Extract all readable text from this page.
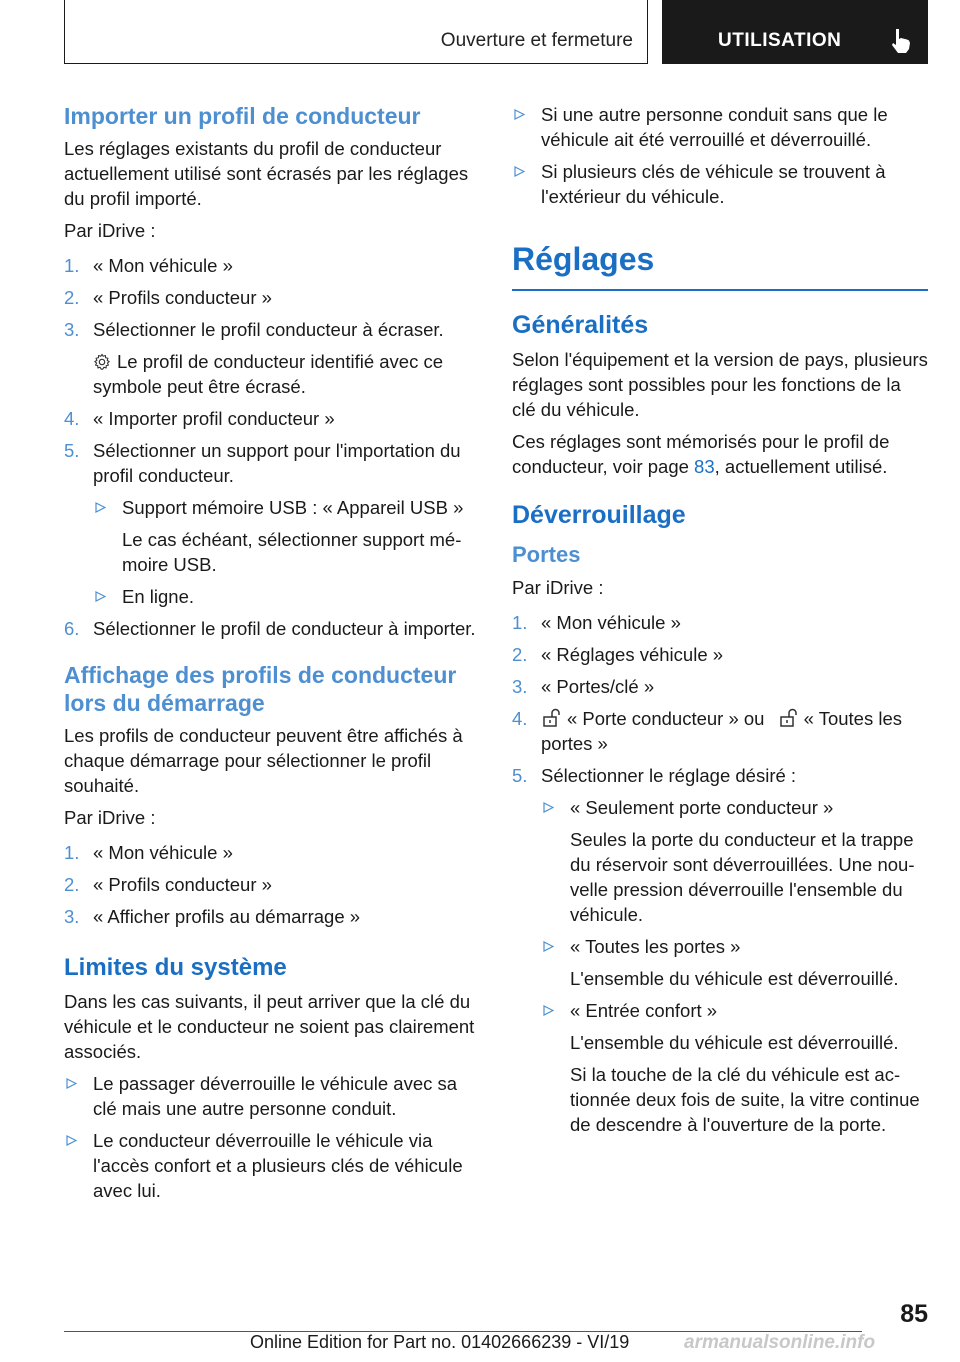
Ouverture et fermeture	UTILISATION
Importer un profil de conducteur

Les réglages existants du profil de conducteur actuellement utilisé sont écrasés par les réglages du profil importé.

Par iDrive :

1. « Mon véhicule »
2. « Profils conducteur »
3. Sélectionner le profil conducteur à écraser.
Le profil de conducteur identifié avec ce symbole peut être écrasé.
4. « Importer profil conducteur »
5. Sélectionner un support pour l'importation du profil conducteur.
Support mémoire USB : « Appareil USB »
Le cas échéant, sélectionner support mémoire USB.
En ligne.
6. Sélectionner le profil de conducteur à importer.
Affichage des profils de conducteur lors du démarrage

Les profils de conducteur peuvent être affichés à chaque démarrage pour sélectionner le profil souhaité.

Par iDrive :

1. « Mon véhicule »
2. « Profils conducteur »
3. « Afficher profils au démarrage »
Limites du système

Dans les cas suivants, il peut arriver que la clé du véhicule et le conducteur ne soient pas clairement associés.

Le passager déverrouille le véhicule avec sa clé mais une autre personne conduit.
Le conducteur déverrouille le véhicule via l'accès confort et a plusieurs clés de véhicule avec lui.
Si une autre personne conduit sans que le véhicule ait été verrouillé et déverrouillé.
Si plusieurs clés de véhicule se trouvent à l'extérieur du véhicule.
Réglages
Généralités

Selon l'équipement et la version de pays, plusieurs réglages sont possibles pour les fonctions de la clé du véhicule.

Ces réglages sont mémorisés pour le profil de conducteur, voir page 83, actuellement utilisé.

Déverrouillage
Portes

Par iDrive :

1. « Mon véhicule »
2. « Réglages véhicule »
3. « Portes/clé »
4. « Porte conducteur » ou « Toutes les portes »
5. Sélectionner le réglage désiré :
« Seulement porte conducteur »
Seules la porte du conducteur et la trappe du réservoir sont déverrouillées. Une nouvelle pression déverrouille l'ensemble du véhicule.
« Toutes les portes »
L'ensemble du véhicule est déverrouillé.
« Entrée confort »
L'ensemble du véhicule est déverrouillé.
Si la touche de la clé du véhicule est actionnée deux fois de suite, la vitre continue de descendre à l'ouverture de la porte.
85
Online Edition for Part no. 01402666239 - VI/19	armanualsonline.info
